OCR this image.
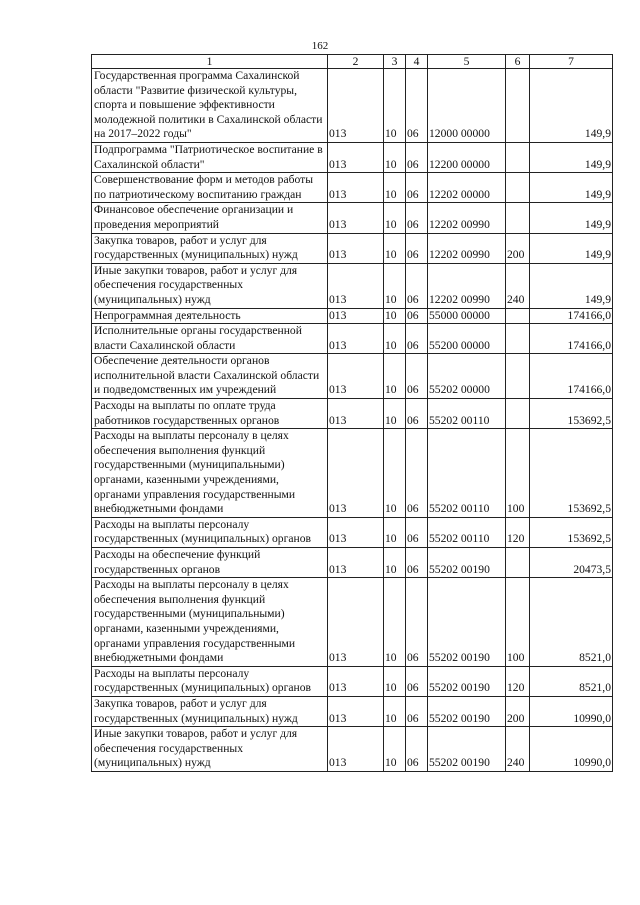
162
1	2	3	4	5	6	7
Государственная программа Сахалинской области "Развитие физической культуры, спорта и повышение эффективности молодежной политики в Сахалинской области на 2017–2022 годы"	013	10	06	12000 00000		149,9
Подпрограмма "Патриотическое воспитание в Сахалинской области"	013	10	06	12200 00000		149,9
Совершенствование форм и методов работы по патриотическому воспитанию граждан	013	10	06	12202 00000		149,9
Финансовое обеспечение организации и проведения мероприятий	013	10	06	12202 00990		149,9
Закупка товаров, работ и услуг для государственных (муниципальных) нужд	013	10	06	12202 00990	200	149,9
Иные закупки товаров, работ и услуг для обеспечения государственных (муниципальных) нужд	013	10	06	12202 00990	240	149,9
Непрограммная деятельность	013	10	06	55000 00000		174166,0
Исполнительные органы государственной власти Сахалинской области	013	10	06	55200 00000		174166,0
Обеспечение деятельности органов исполнительной власти Сахалинской области и подведомственных им учреждений	013	10	06	55202 00000		174166,0
Расходы на выплаты по оплате труда работников государственных органов	013	10	06	55202 00110		153692,5
Расходы на выплаты персоналу в целях обеспечения выполнения функций государственными (муниципальными) органами, казенными учреждениями, органами управления государственными внебюджетными фондами	013	10	06	55202 00110	100	153692,5
Расходы на выплаты персоналу государственных (муниципальных) органов	013	10	06	55202 00110	120	153692,5
Расходы на обеспечение функций государственных органов	013	10	06	55202 00190		20473,5
Расходы на выплаты персоналу в целях обеспечения выполнения функций государственными (муниципальными) органами, казенными учреждениями, органами управления государственными внебюджетными фондами	013	10	06	55202 00190	100	8521,0
Расходы на выплаты персоналу государственных (муниципальных) органов	013	10	06	55202 00190	120	8521,0
Закупка товаров, работ и услуг для государственных (муниципальных) нужд	013	10	06	55202 00190	200	10990,0
Иные закупки товаров, работ и услуг для обеспечения государственных (муниципальных) нужд	013	10	06	55202 00190	240	10990,0
